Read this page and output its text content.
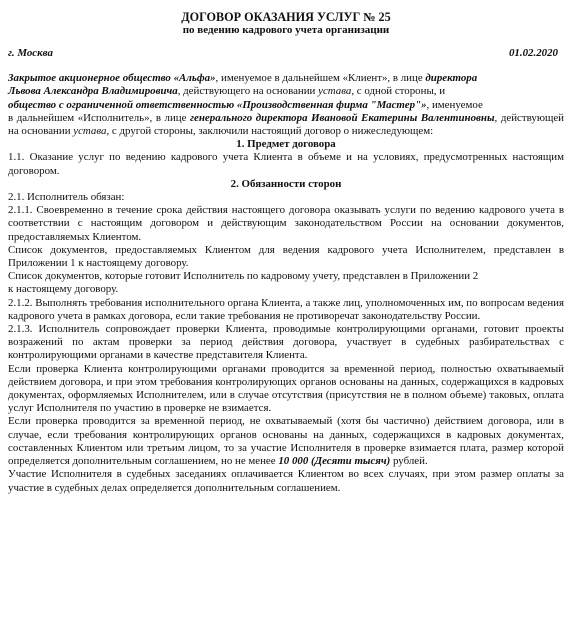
ДОГОВОР ОКАЗАНИЯ УСЛУГ № 25
по ведению кадрового учета организации
г. Москва	01.02.2020

Закрытое акционерное общество «Альфа», именуемое в дальнейшем «Клиент», в лице директора
Львова Александра Владимировича, действующего на основании устава, с одной стороны, и
общество с ограниченной ответственностью «Производственная фирма "Мастер"», именуемое

в дальнейшем «Исполнитель», в лице генерального директора Ивановой Екатерины Валентиновны, действующей на основании устава, с другой стороны, заключили настоящий договор о нижеследующем:

1. Предмет договора

1.1. Оказание услуг по ведению кадрового учета Клиента в объеме и на условиях, предусмотренных настоящим договором.

2. Обязанности сторон

2.1. Исполнитель обязан:

2.1.1. Своевременно в течение срока действия настоящего договора оказывать услуги по ведению кадрового учета в соответствии с настоящим договором и действующим законодательством России на основании документов, предоставляемых Клиентом.

Список документов, предоставляемых Клиентом для ведения кадрового учета Исполнителем, представлен в Приложении 1 к настоящему договору.

Список документов, которые готовит Исполнитель по кадровому учету, представлен в Приложении 2

к настоящему договору.

2.1.2. Выполнять требования исполнительного органа Клиента, а также лиц, уполномоченных им, по вопросам ведения кадрового учета в рамках договора, если такие требования не противоречат законодательству России.

2.1.3. Исполнитель сопровождает проверки Клиента, проводимые контролирующими органами, готовит проекты возражений по актам проверки за период действия договора, участвует в судебных разбирательствах с контролирующими органами в качестве представителя Клиента.

Если проверка Клиента контролирующими органами проводится за временной период, полностью охватываемый действием договора, и при этом требования контролирующих органов основаны на данных, содержащихся в кадровых документах, оформляемых Исполнителем, или в случае отсутствия (присутствия не в полном объеме) таковых, оплата услуг Исполнителя по участию в проверке не взимается.

Если проверка проводится за временной период, не охватываемый (хотя бы частично) действием договора, или в случае, если требования контролирующих органов основаны на данных, содержащихся в кадровых документах, составленных Клиентом или третьим лицом, то за участие Исполнителя в проверке взимается плата, размер которой определяется дополнительным соглашением, но не менее 10 000 (Десяти тысяч) рублей.

Участие Исполнителя в судебных заседаниях оплачивается Клиентом во всех случаях, при этом размер оплаты за участие в судебных делах определяется дополнительным соглашением.
